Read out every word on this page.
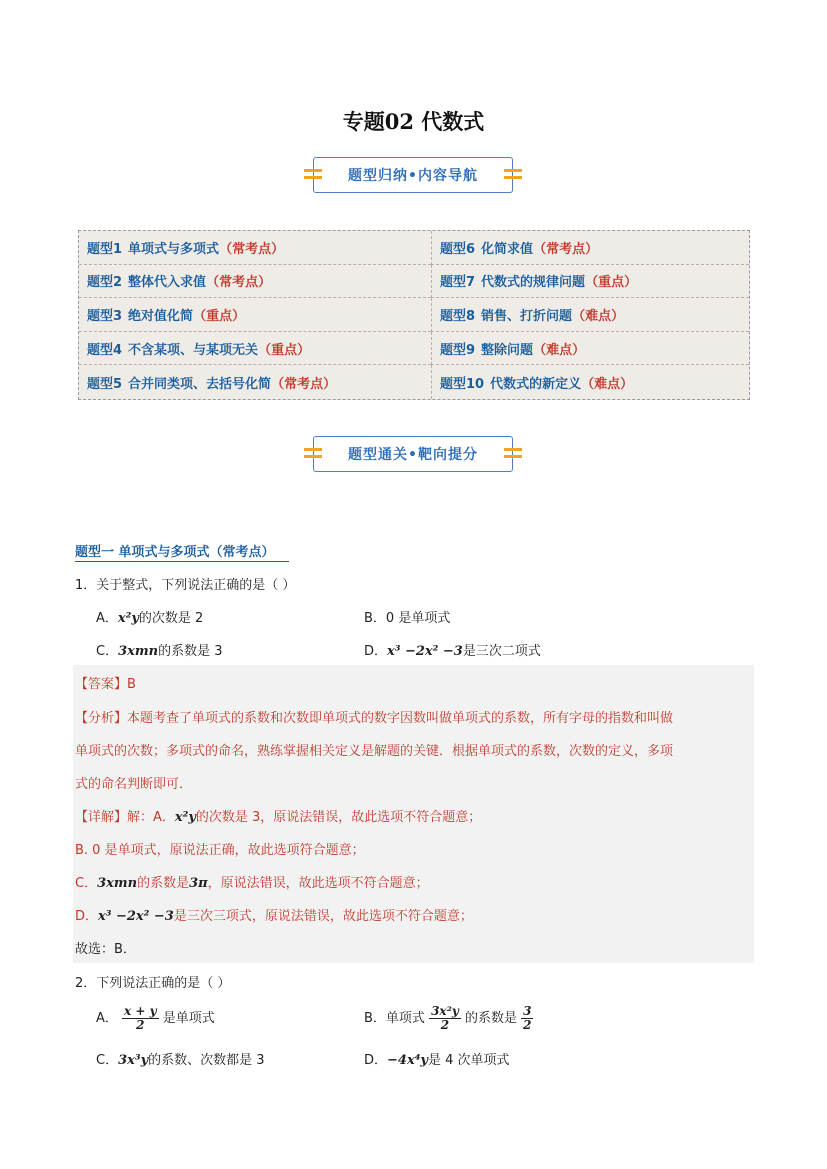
专题02 代数式
题型归纳•内容导航
题型1 单项式与多项式 （常考点）	题型6 化简求值 （常考点）
题型2 整体代入求值 （常考点）	题型7 代数式的规律问题 （重点）
题型3 绝对值化简 （重点）	题型8 销售、打折问题 （难点）
题型4 不含某项、与某项无关 （重点）	题型9 整除问题 （难点）
题型5 合并同类项、去括号化简 （常考点）	题型10 代数式的新定义 （难点）
题型通关•靶向提分
题型一 单项式与多项式（常考点）
1．关于整式，下列说法正确的是（ ）
A．x²y的次数是 2	B．0 是单项式
C．3xmn的系数是 3	D．x³ −2x² −3是三次二项式
【答案】B
【分析】本题考查了单项式的系数和次数即单项式的数字因数叫做单项式的系数，所有字母的指数和叫做
单项式的次数；多项式的命名，熟练掌握相关定义是解题的关键．根据单项式的系数，次数的定义，多项
式的命名判断即可．
【详解】解：A．x²y的次数是 3，原说法错误，故此选项不符合题意；
B. 0 是单项式，原说法正确，故此选项符合题意；
C．3xmn的系数是3π，原说法错误，故此选项不符合题意；
D．x³ −2x² −3是三次三项式，原说法错误，故此选项不符合题意；
故选：B．
2．下列说法正确的是（ ）
A． $\frac{x + y}{2}$ 是单项式	B．单项式 $\frac{\text{3x²y}}{2}$ 的系数是 $\frac{3}{2}$
C．3x³y的系数、次数都是 3	D．−4x⁴y是 4 次单项式
